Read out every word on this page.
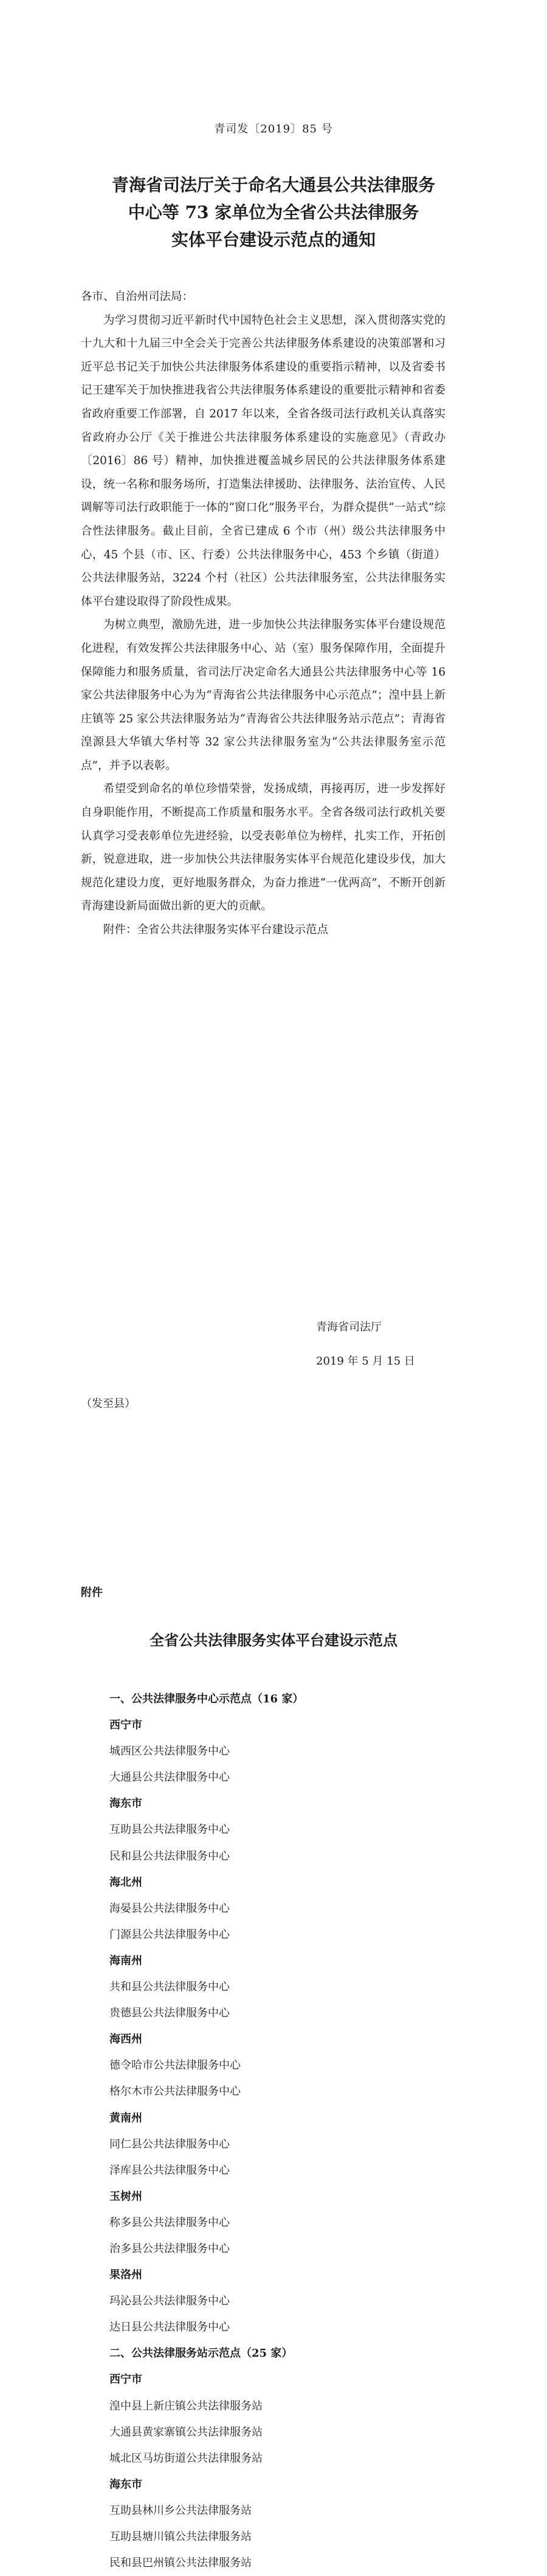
青司发〔2019〕85 号
青海省司法厅关于命名大通县公共法律服务
中心等 73 家单位为全省公共法律服务
实体平台建设示范点的通知

各市、自治州司法局：

为学习贯彻习近平新时代中国特色社会主义思想，深入贯彻落实党的十九大和十九届三中全会关于完善公共法律服务体系建设的决策部署和习近平总书记关于加快公共法律服务体系建设的重要指示精神，以及省委书记王建军关于加快推进我省公共法律服务体系建设的重要批示精神和省委省政府重要工作部署，自 2017 年以来，全省各级司法行政机关认真落实省政府办公厅《关于推进公共法律服务体系建设的实施意见》（青政办〔2016〕86 号）精神，加快推进覆盖城乡居民的公共法律服务体系建设，统一名称和服务场所，打造集法律援助、法律服务、法治宣传、人民调解等司法行政职能于一体的“窗口化”服务平台，为群众提供“一站式”综合性法律服务。截止目前，全省已建成 6 个市（州）级公共法律服务中心，45 个县（市、区、行委）公共法律服务中心，453 个乡镇（街道）公共法律服务站，3224 个村（社区）公共法律服务室，公共法律服务实体平台建设取得了阶段性成果。

为树立典型，激励先进，进一步加快公共法律服务实体平台建设规范化进程，有效发挥公共法律服务中心、站（室）服务保障作用，全面提升保障能力和服务质量，省司法厅决定命名大通县公共法律服务中心等 16 家公共法律服务中心为为“青海省公共法律服务中心示范点”；湟中县上新庄镇等 25 家公共法律服务站为“青海省公共法律服务站示范点”；青海省湟源县大华镇大华村等 32 家公共法律服务室为“公共法律服务室示范点”，并予以表彰。

希望受到命名的单位珍惜荣誉，发扬成绩，再接再厉，进一步发挥好自身职能作用，不断提高工作质量和服务水平。全省各级司法行政机关要认真学习受表彰单位先进经验，以受表彰单位为榜样，扎实工作，开拓创新，锐意进取，进一步加快公共法律服务实体平台规范化建设步伐，加大规范化建设力度，更好地服务群众，为奋力推进“一优两高”，不断开创新青海建设新局面做出新的更大的贡献。

附件：全省公共法律服务实体平台建设示范点

青海省司法厅
2019 年 5 月 15 日
（发至县）
附件
全省公共法律服务实体平台建设示范点
一、公共法律服务中心示范点（16 家）
西宁市
城西区公共法律服务中心
大通县公共法律服务中心
海东市
互助县公共法律服务中心
民和县公共法律服务中心
海北州
海晏县公共法律服务中心
门源县公共法律服务中心
海南州
共和县公共法律服务中心
贵德县公共法律服务中心
海西州
德令哈市公共法律服务中心
格尔木市公共法律服务中心
黄南州
同仁县公共法律服务中心
泽库县公共法律服务中心
玉树州
称多县公共法律服务中心
治多县公共法律服务中心
果洛州
玛沁县公共法律服务中心
达日县公共法律服务中心
二、公共法律服务站示范点（25 家）
西宁市
湟中县上新庄镇公共法律服务站
大通县黄家寨镇公共法律服务站
城北区马坊街道公共法律服务站
海东市
互助县林川乡公共法律服务站
互助县塘川镇公共法律服务站
民和县巴州镇公共法律服务站
